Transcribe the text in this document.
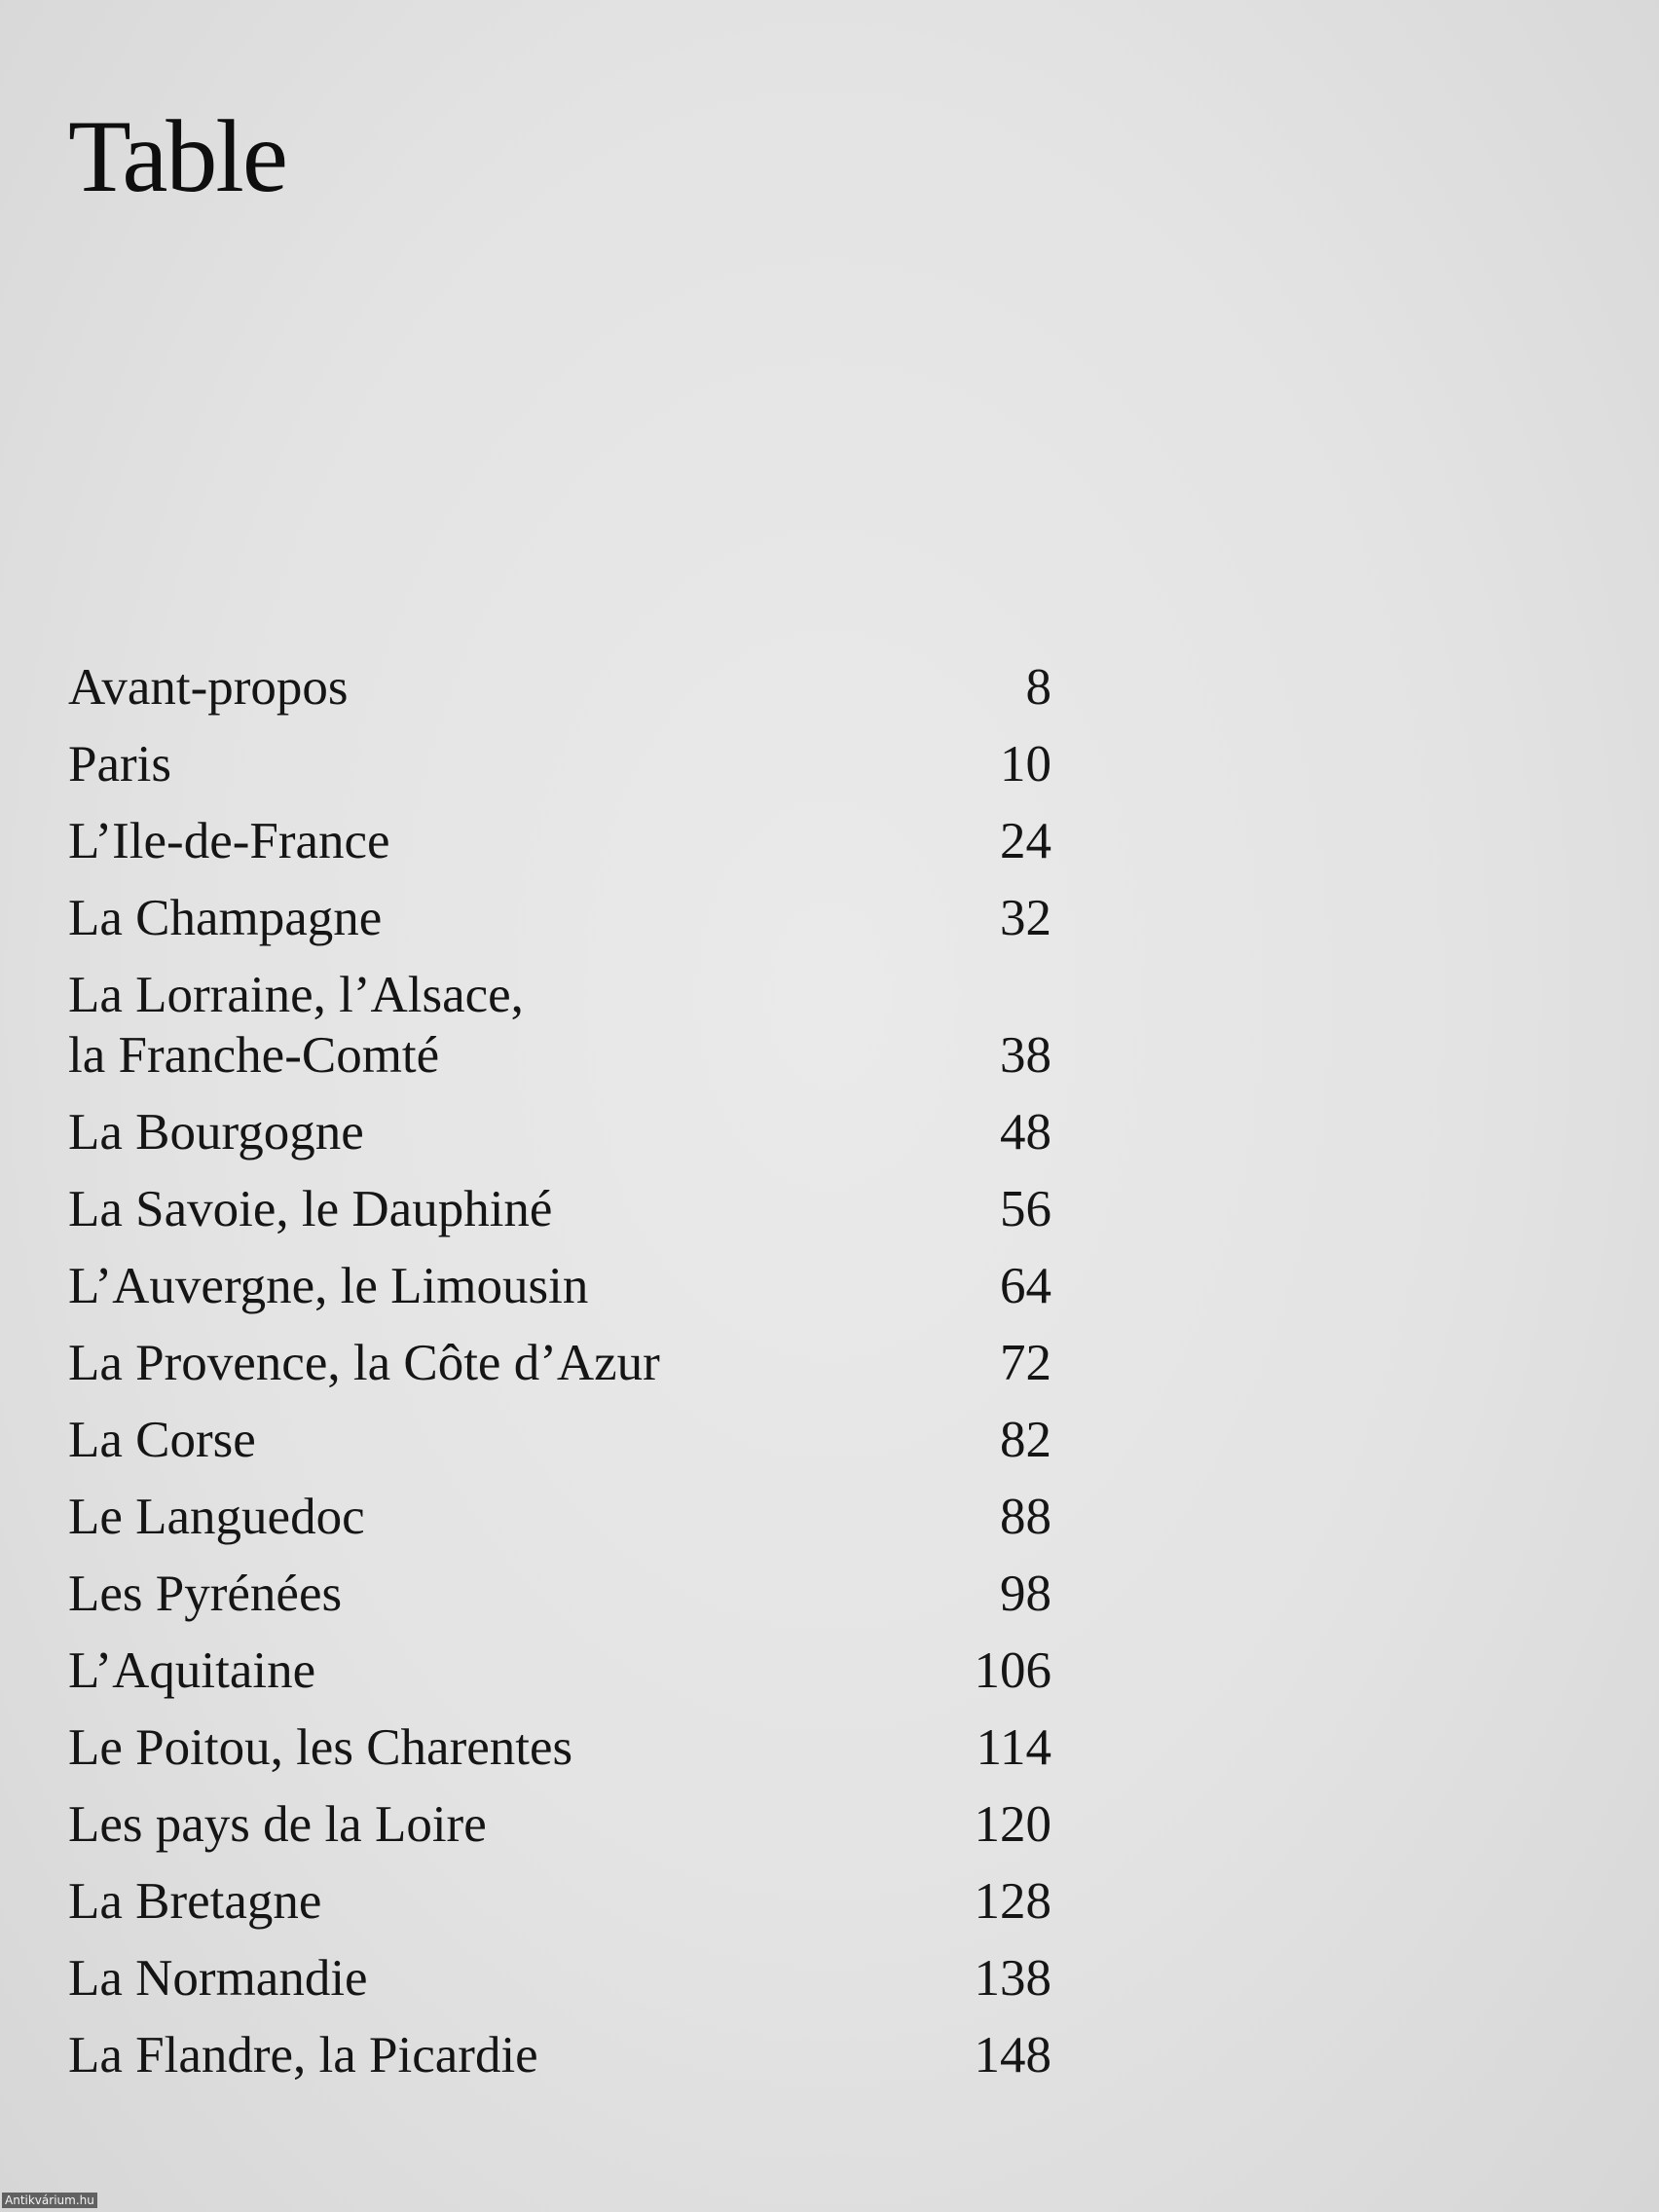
Table
Avant-propos	8
Paris	10
L’Ile-de-France	24
La Champagne	32
La Lorraine, l’Alsace,
la Franche-Comté	38
La Bourgogne	48
La Savoie, le Dauphiné	56
L’Auvergne, le Limousin	64
La Provence, la Côte d’Azur	72
La Corse	82
Le Languedoc	88
Les Pyrénées	98
L’Aquitaine	106
Le Poitou, les Charentes	114
Les pays de la Loire	120
La Bretagne	128
La Normandie	138
La Flandre, la Picardie	148
Antikvárium.hu
